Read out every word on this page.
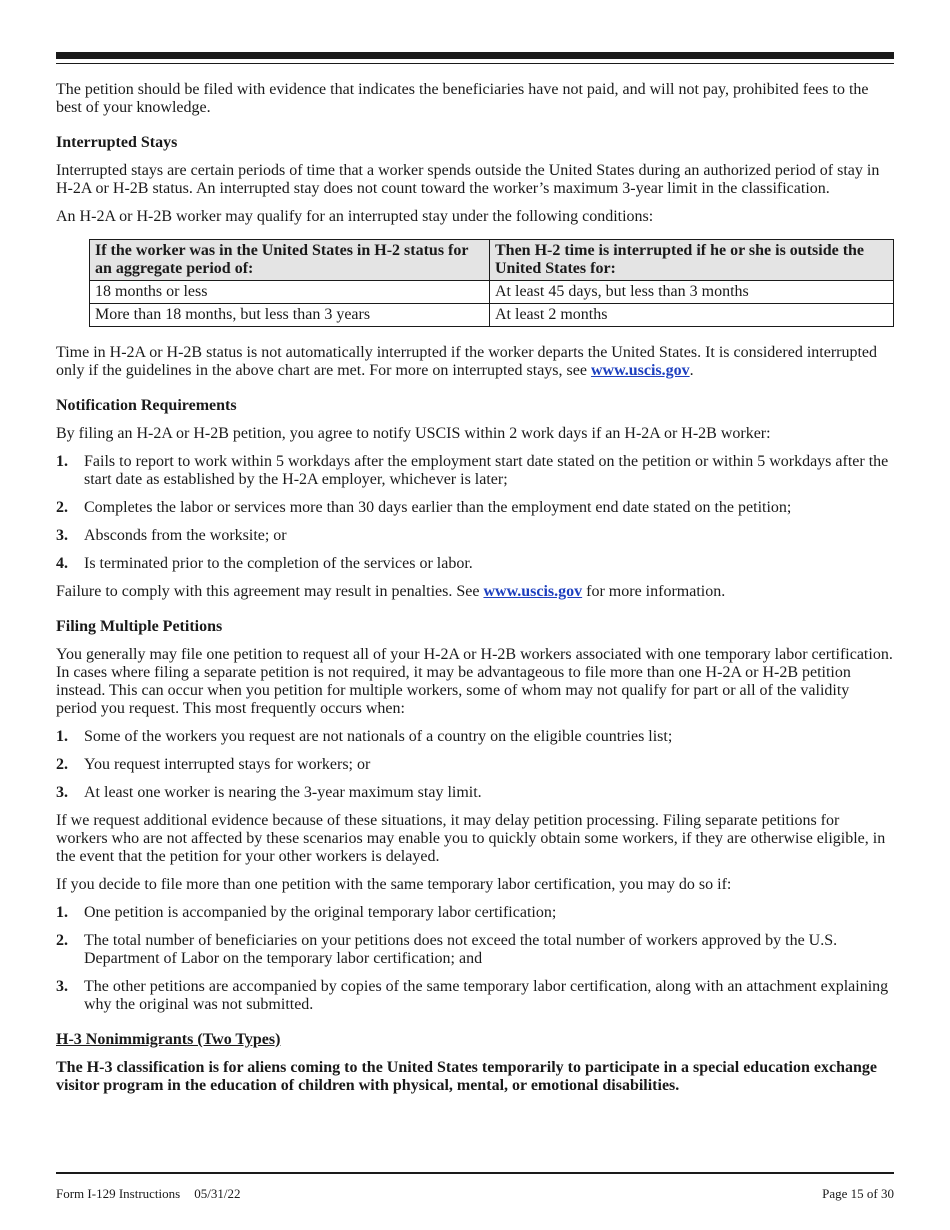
The petition should be filed with evidence that indicates the beneficiaries have not paid, and will not pay, prohibited fees to the best of your knowledge.

Interrupted Stays

Interrupted stays are certain periods of time that a worker spends outside the United States during an authorized period of stay in H-2A or H-2B status. An interrupted stay does not count toward the worker’s maximum 3-year limit in the classification.

An H-2A or H-2B worker may qualify for an interrupted stay under the following conditions:

If the worker was in the United States in H-2 status for an aggregate period of:	Then H-2 time is interrupted if he or she is outside the United States for:
18 months or less	At least 45 days, but less than 3 months
More than 18 months, but less than 3 years	At least 2 months

Time in H-2A or H-2B status is not automatically interrupted if the worker departs the United States. It is considered interrupted only if the guidelines in the above chart are met. For more on interrupted stays, see www.uscis.gov.

Notification Requirements

By filing an H-2A or H-2B petition, you agree to notify USCIS within 2 work days if an H-2A or H-2B worker:

1. Fails to report to work within 5 workdays after the employment start date stated on the petition or within 5 workdays after the start date as established by the H-2A employer, whichever is later;
2. Completes the labor or services more than 30 days earlier than the employment end date stated on the petition;
3. Absconds from the worksite; or
4. Is terminated prior to the completion of the services or labor.

Failure to comply with this agreement may result in penalties. See www.uscis.gov for more information.

Filing Multiple Petitions

You generally may file one petition to request all of your H-2A or H-2B workers associated with one temporary labor certification. In cases where filing a separate petition is not required, it may be advantageous to file more than one H-2A or H-2B petition instead. This can occur when you petition for multiple workers, some of whom may not qualify for part or all of the validity period you request. This most frequently occurs when:

1. Some of the workers you request are not nationals of a country on the eligible countries list;
2. You request interrupted stays for workers; or
3. At least one worker is nearing the 3-year maximum stay limit.

If we request additional evidence because of these situations, it may delay petition processing. Filing separate petitions for workers who are not affected by these scenarios may enable you to quickly obtain some workers, if they are otherwise eligible, in the event that the petition for your other workers is delayed.

If you decide to file more than one petition with the same temporary labor certification, you may do so if:

1. One petition is accompanied by the original temporary labor certification;
2. The total number of beneficiaries on your petitions does not exceed the total number of workers approved by the U.S. Department of Labor on the temporary labor certification; and
3. The other petitions are accompanied by copies of the same temporary labor certification, along with an attachment explaining why the original was not submitted.

H-3 Nonimmigrants (Two Types)

The H-3 classification is for aliens coming to the United States temporarily to participate in a special education exchange visitor program in the education of children with physical, mental, or emotional disabilities.

Form I-129 Instructions 05/31/22	Page 15 of 30
